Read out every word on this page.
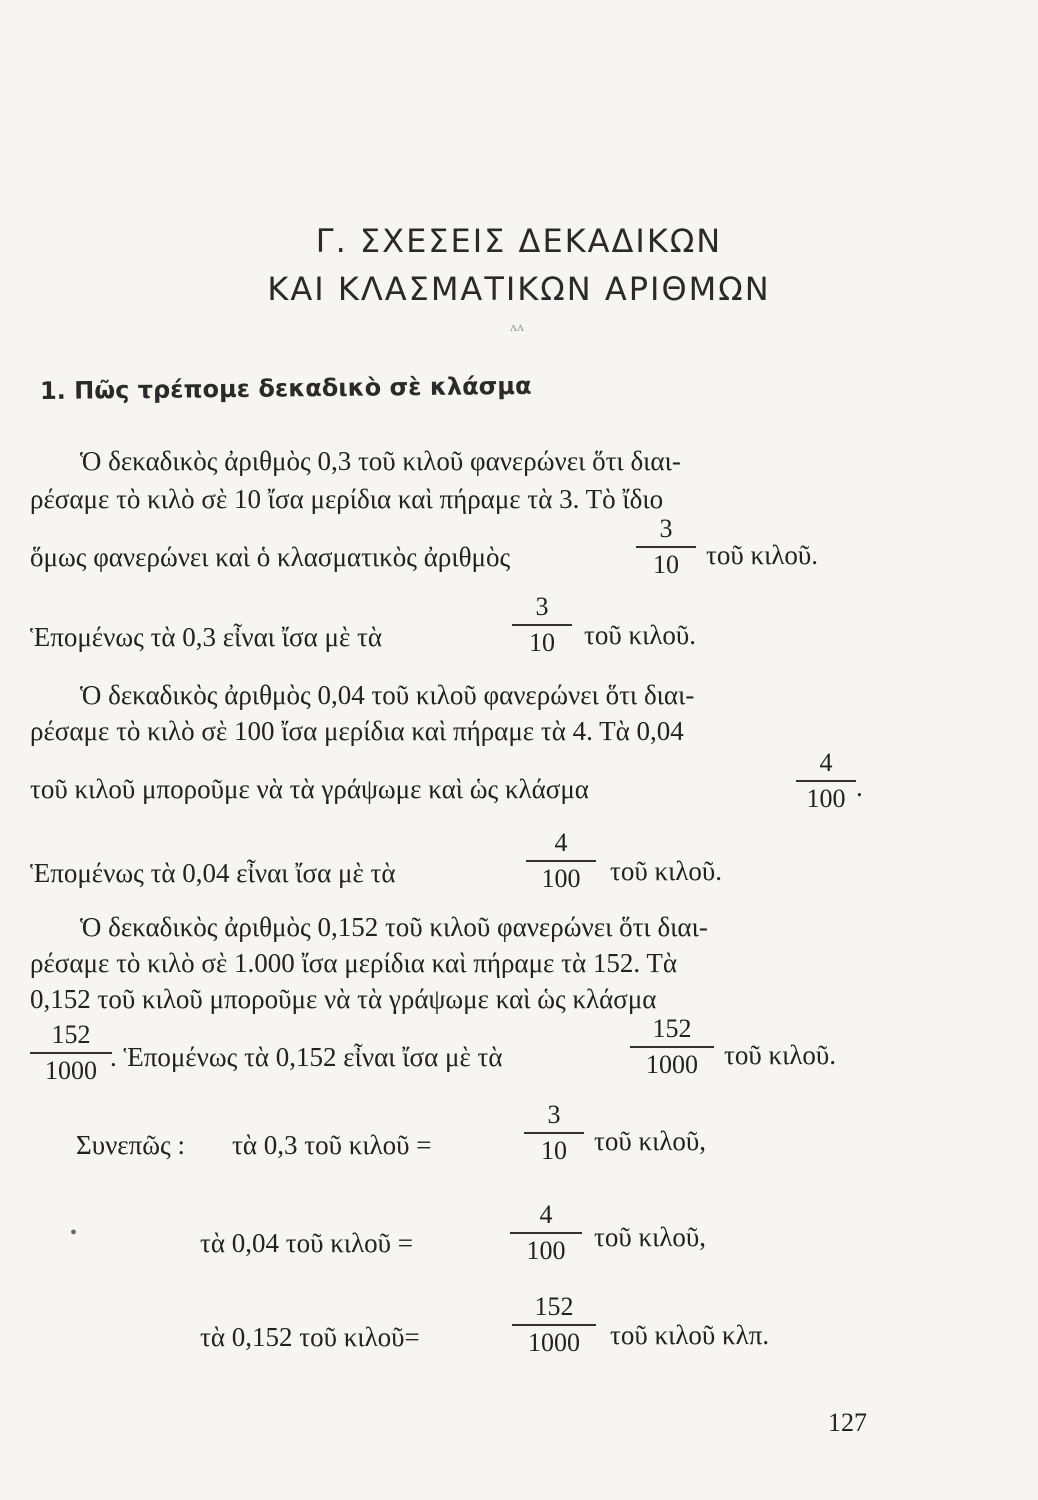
Γ. ΣΧΕΣΕΙΣ ΔΕΚΑΔΙΚΩΝ
ΚΑΙ ΚΛΑΣΜΑΤΙΚΩΝ ΑΡΙΘΜΩΝ
ʌʌ
1. Πῶς τρέπομε δεκαδικὸ σὲ κλάσμα
Ὁ δεκαδικὸς ἀριθμὸς 0,3 τοῦ κιλοῦ φανερώνει ὅτι διαι-
ρέσαμε τὸ κιλὸ σὲ 10 ἴσα μερίδια καὶ πήραμε τὰ 3. Τὸ ἴδιο
ὅμως φανερώνει καὶ ὁ κλασματικὸς ἀριθμὸς
3
10	τοῦ κιλοῦ.
Ἑπομένως τὰ 0,3 εἶναι ἴσα μὲ τὰ
3
10	τοῦ κιλοῦ.
Ὁ δεκαδικὸς ἀριθμὸς 0,04 τοῦ κιλοῦ φανερώνει ὅτι διαι-
ρέσαμε τὸ κιλὸ σὲ 100 ἴσα μερίδια καὶ πήραμε τὰ 4. Τὰ 0,04
τοῦ κιλοῦ μποροῦμε νὰ τὰ γράψωμε καὶ ὡς κλάσμα
4
100 .
Ἑπομένως τὰ 0,04 εἶναι ἴσα μὲ τὰ
4
100	τοῦ κιλοῦ.
Ὁ δεκαδικὸς ἀριθμὸς 0,152 τοῦ κιλοῦ φανερώνει ὅτι διαι-
ρέσαμε τὸ κιλὸ σὲ 1.000 ἴσα μερίδια καὶ πήραμε τὰ 152. Τὰ
0,152 τοῦ κιλοῦ μποροῦμε νὰ τὰ γράψωμε καὶ ὡς κλάσμα
152
1000 . Ἑπομένως τὰ 0,152 εἶναι ἴσα μὲ τὰ
152
1000 τοῦ κιλοῦ.
Συνεπῶς : τὰ 0,3 τοῦ κιλοῦ =
3
10	τοῦ κιλοῦ,
•	τὰ 0,04 τοῦ κιλοῦ =
4
100	τοῦ κιλοῦ,
τὰ 0,152 τοῦ κιλοῦ=
152
1000	τοῦ κιλοῦ κλπ.
127
